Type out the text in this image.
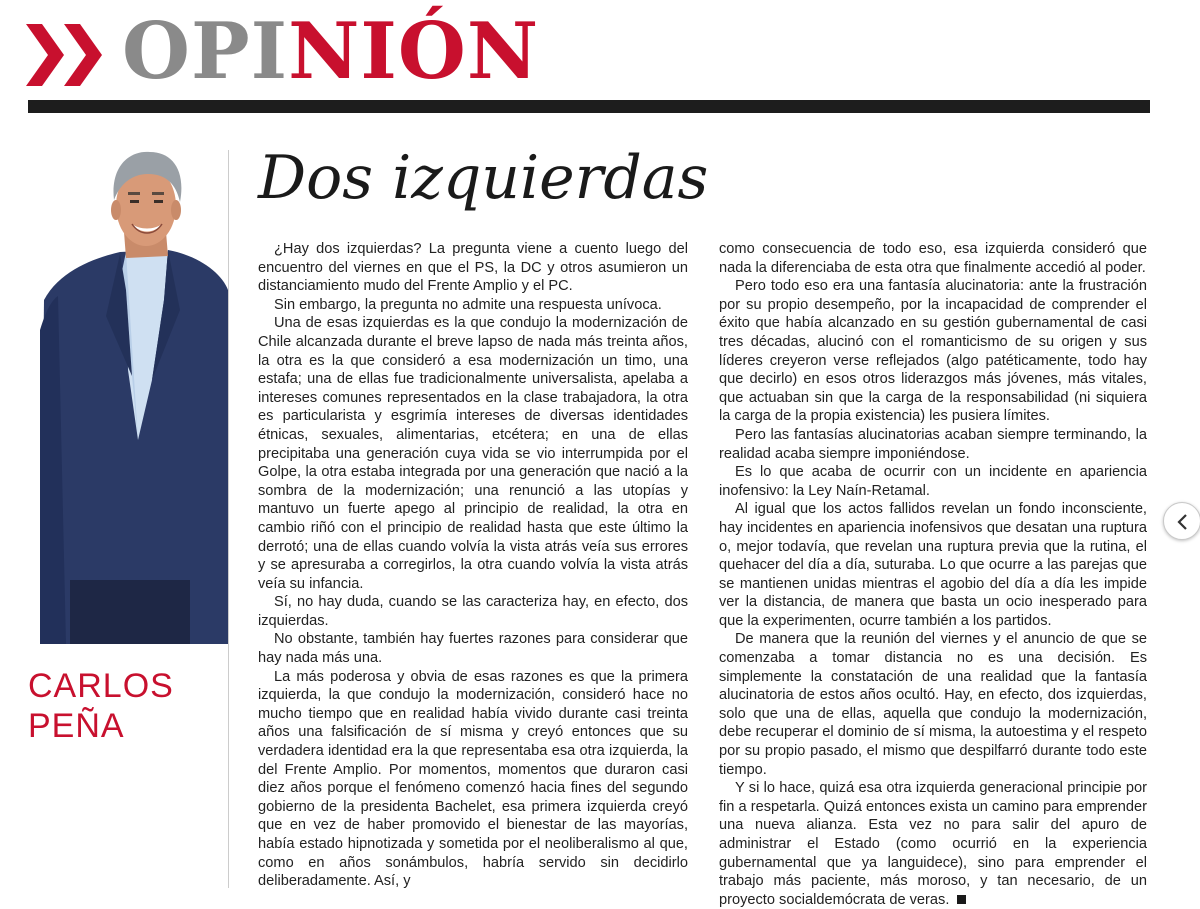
OPINIÓN
CARLOS
PEÑA
Dos izquierdas

¿Hay dos izquierdas? La pregunta viene a cuento luego del encuentro del viernes en que el PS, la DC y otros asumieron un distanciamiento mudo del Frente Amplio y el PC.

Sin embargo, la pregunta no admite una respuesta unívoca.

Una de esas izquierdas es la que condujo la modernización de Chile alcanzada durante el breve lapso de nada más treinta años, la otra es la que consideró a esa modernización un timo, una estafa; una de ellas fue tradicionalmente universalista, apelaba a intereses comunes representados en la clase trabajadora, la otra es particularista y esgrimía intereses de diversas identidades étnicas, sexuales, alimentarias, etcétera; en una de ellas precipitaba una generación cuya vida se vio interrumpida por el Golpe, la otra estaba integrada por una generación que nació a la sombra de la modernización; una renunció a las utopías y mantuvo un fuerte apego al principio de realidad, la otra en cambio riñó con el principio de realidad hasta que este último la derrotó; una de ellas cuando volvía la vista atrás veía sus errores y se apresuraba a corregirlos, la otra cuando volvía la vista atrás veía su infancia.

Sí, no hay duda, cuando se las caracteriza hay, en efecto, dos izquierdas.

No obstante, también hay fuertes razones para considerar que hay nada más una.

La más poderosa y obvia de esas razones es que la primera izquierda, la que condujo la modernización, consideró hace no mucho tiempo que en realidad había vivido durante casi treinta años una falsificación de sí misma y creyó entonces que su verdadera identidad era la que representaba esa otra izquierda, la del Frente Amplio. Por momentos, momentos que duraron casi diez años porque el fenómeno comenzó hacia fines del segundo gobierno de la presidenta Bachelet, esa primera izquierda creyó que en vez de haber promovido el bienestar de las mayorías, había estado hipnotizada y sometida por el neoliberalismo al que, como en años sonámbulos, habría servido sin decidirlo deliberadamente. Así, y

como consecuencia de todo eso, esa izquierda consideró que nada la diferenciaba de esta otra que finalmente accedió al poder.

Pero todo eso era una fantasía alucinatoria: ante la frustración por su propio desempeño, por la incapacidad de comprender el éxito que había alcanzado en su gestión gubernamental de casi tres décadas, alucinó con el romanticismo de su origen y sus líderes creyeron verse reflejados (algo patéticamente, todo hay que decirlo) en esos otros liderazgos más jóvenes, más vitales, que actuaban sin que la carga de la responsabilidad (ni siquiera la carga de la propia existencia) les pusiera límites.

Pero las fantasías alucinatorias acaban siempre terminando, la realidad acaba siempre imponiéndose.

Es lo que acaba de ocurrir con un incidente en apariencia inofensivo: la Ley Naín-Retamal.

Al igual que los actos fallidos revelan un fondo inconsciente, hay incidentes en apariencia inofensivos que desatan una ruptura o, mejor todavía, que revelan una ruptura previa que la rutina, el quehacer del día a día, suturaba. Lo que ocurre a las parejas que se mantienen unidas mientras el agobio del día a día les impide ver la distancia, de manera que basta un ocio inesperado para que la experimenten, ocurre también a los partidos.

De manera que la reunión del viernes y el anuncio de que se comenzaba a tomar distancia no es una decisión. Es simplemente la constatación de una realidad que la fantasía alucinatoria de estos años ocultó. Hay, en efecto, dos izquierdas, solo que una de ellas, aquella que condujo la modernización, debe recuperar el dominio de sí misma, la autoestima y el respeto por su propio pasado, el mismo que despilfarró durante todo este tiempo.

Y si lo hace, quizá esa otra izquierda generacional principie por fin a respetarla. Quizá entonces exista un camino para emprender una nueva alianza. Esta vez no para salir del apuro de administrar el Estado (como ocurrió en la experiencia gubernamental que ya languidece), sino para emprender el trabajo más paciente, más moroso, y tan necesario, de un proyecto socialdemócrata de veras.
